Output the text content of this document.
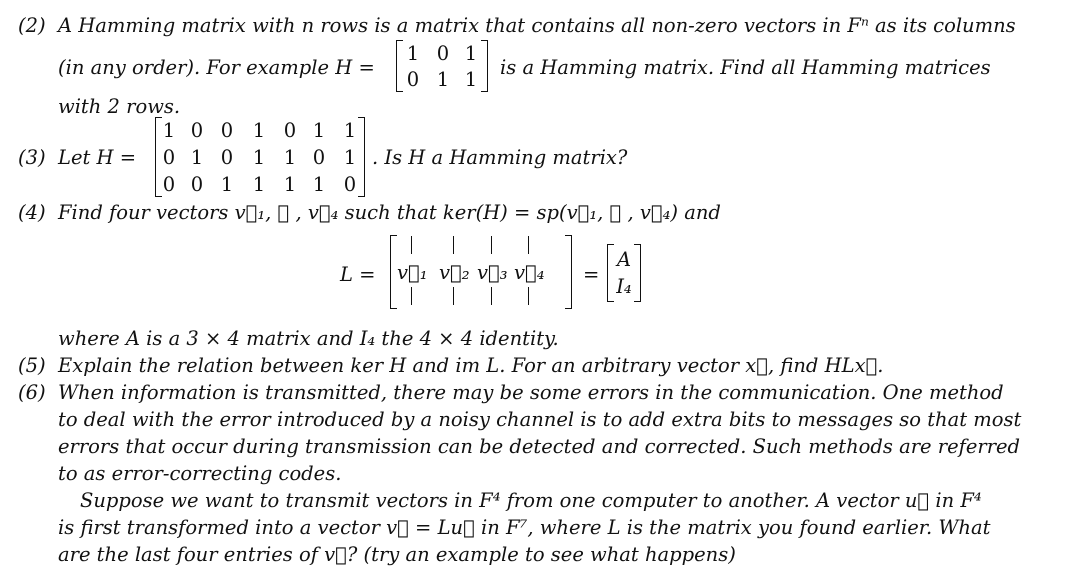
(2) A Hamming matrix with n rows is a matrix that contains all non-zero vectors in Fⁿ as its columns
(in any order). For example H =
1 0 1
0 1 1
is a Hamming matrix. Find all Hamming matrices
with 2 rows.
(3) Let H =
1 0 0 1 0 1 1
0 1 0 1 1 0 1
0 0 1 1 1 1 0
. Is H a Hamming matrix?
(4) Find four vectors v⃗₁, ⋯ , v⃗₄ such that ker(H) = sp(v⃗₁, ⋯ , v⃗₄) and
L = v⃗₁ v⃗₂ v⃗₃ v⃗₄ =
A
I₄
where A is a 3 × 4 matrix and I₄ the 4 × 4 identity.
(5) Explain the relation between ker H and im L. For an arbitrary vector x⃗, find HLx⃗.
(6) When information is transmitted, there may be some errors in the communication. One method
to deal with the error introduced by a noisy channel is to add extra bits to messages so that most
errors that occur during transmission can be detected and corrected. Such methods are referred
to as error-correcting codes.
Suppose we want to transmit vectors in F⁴ from one computer to another. A vector u⃗ in F⁴
is first transformed into a vector v⃗ = Lu⃗ in F⁷, where L is the matrix you found earlier. What
are the last four entries of v⃗? (try an example to see what happens)
